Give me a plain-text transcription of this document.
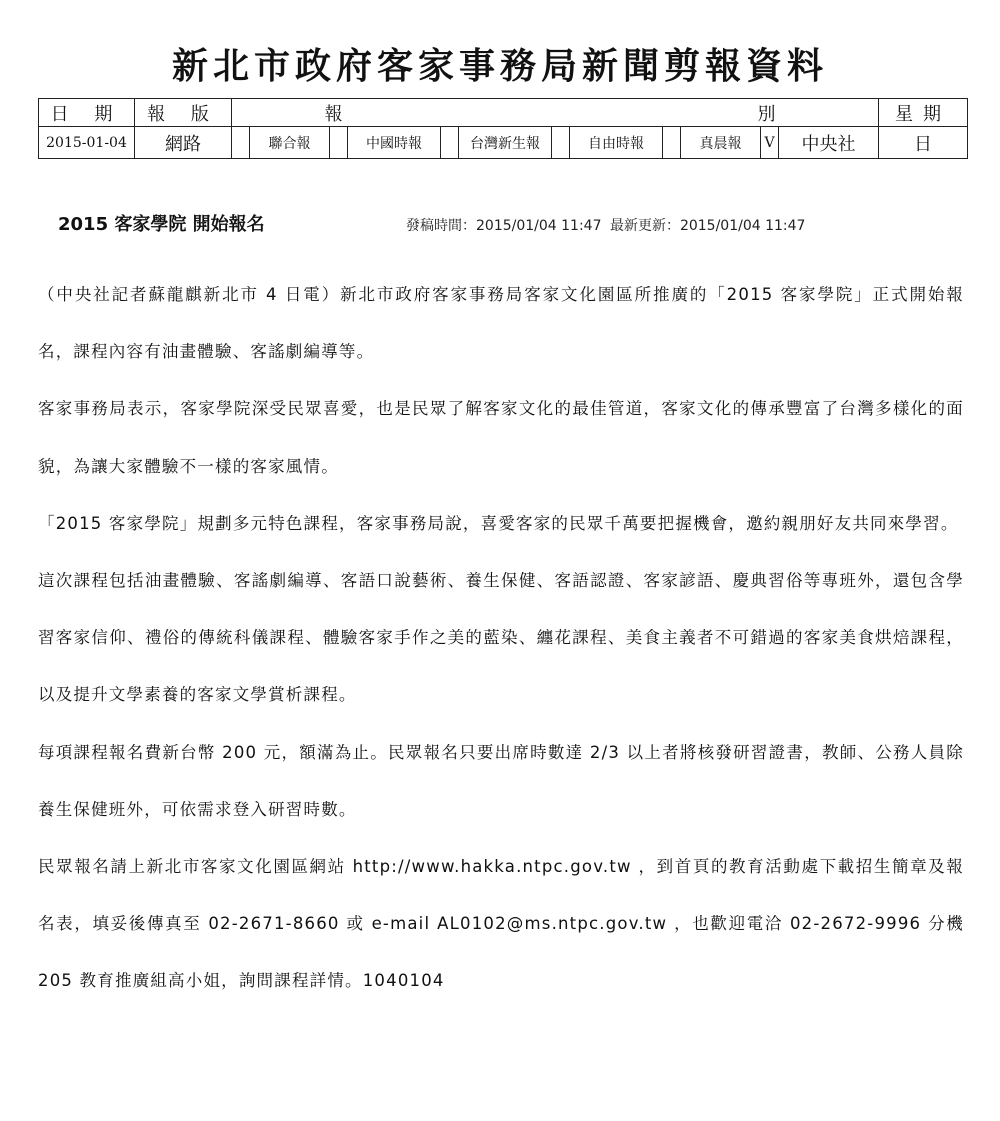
新北市政府客家事務局新聞剪報資料
日 期	報 版	報 別												星期
2015-01-04	網路		聯合報		中國時報		台灣新生報		自由時報		真晨報	V	中央社	日
2015 客家學院 開始報名	發稿時間：2015/01/04 11:47 最新更新：2015/01/04 11:47

（中央社記者蘇龍麒新北市 4 日電）新北市政府客家事務局客家文化園區所推廣的「2015 客家學院」正式開始報名，課程內容有油畫體驗、客謠劇編導等。

客家事務局表示，客家學院深受民眾喜愛，也是民眾了解客家文化的最佳管道，客家文化的傳承豐富了台灣多樣化的面貌，為讓大家體驗不一樣的客家風情。

「2015 客家學院」規劃多元特色課程，客家事務局說，喜愛客家的民眾千萬要把握機會，邀約親朋好友共同來學習。

這次課程包括油畫體驗、客謠劇編導、客語口說藝術、養生保健、客語認證、客家諺語、慶典習俗等專班外，還包含學習客家信仰、禮俗的傳統科儀課程、體驗客家手作之美的藍染、纏花課程、美食主義者不可錯過的客家美食烘焙課程，以及提升文學素養的客家文學賞析課程。

每項課程報名費新台幣 200 元，額滿為止。民眾報名只要出席時數達 2/3 以上者將核發研習證書，教師、公務人員除養生保健班外，可依需求登入研習時數。

民眾報名請上新北市客家文化園區網站 http://www.hakka.ntpc.gov.tw ，到首頁的教育活動處下載招生簡章及報名表，填妥後傳真至 02-2671-8660 或 e-mail AL0102@ms.ntpc.gov.tw ，也歡迎電洽 02-2672-9996 分機 205 教育推廣組高小姐，詢問課程詳情。1040104
